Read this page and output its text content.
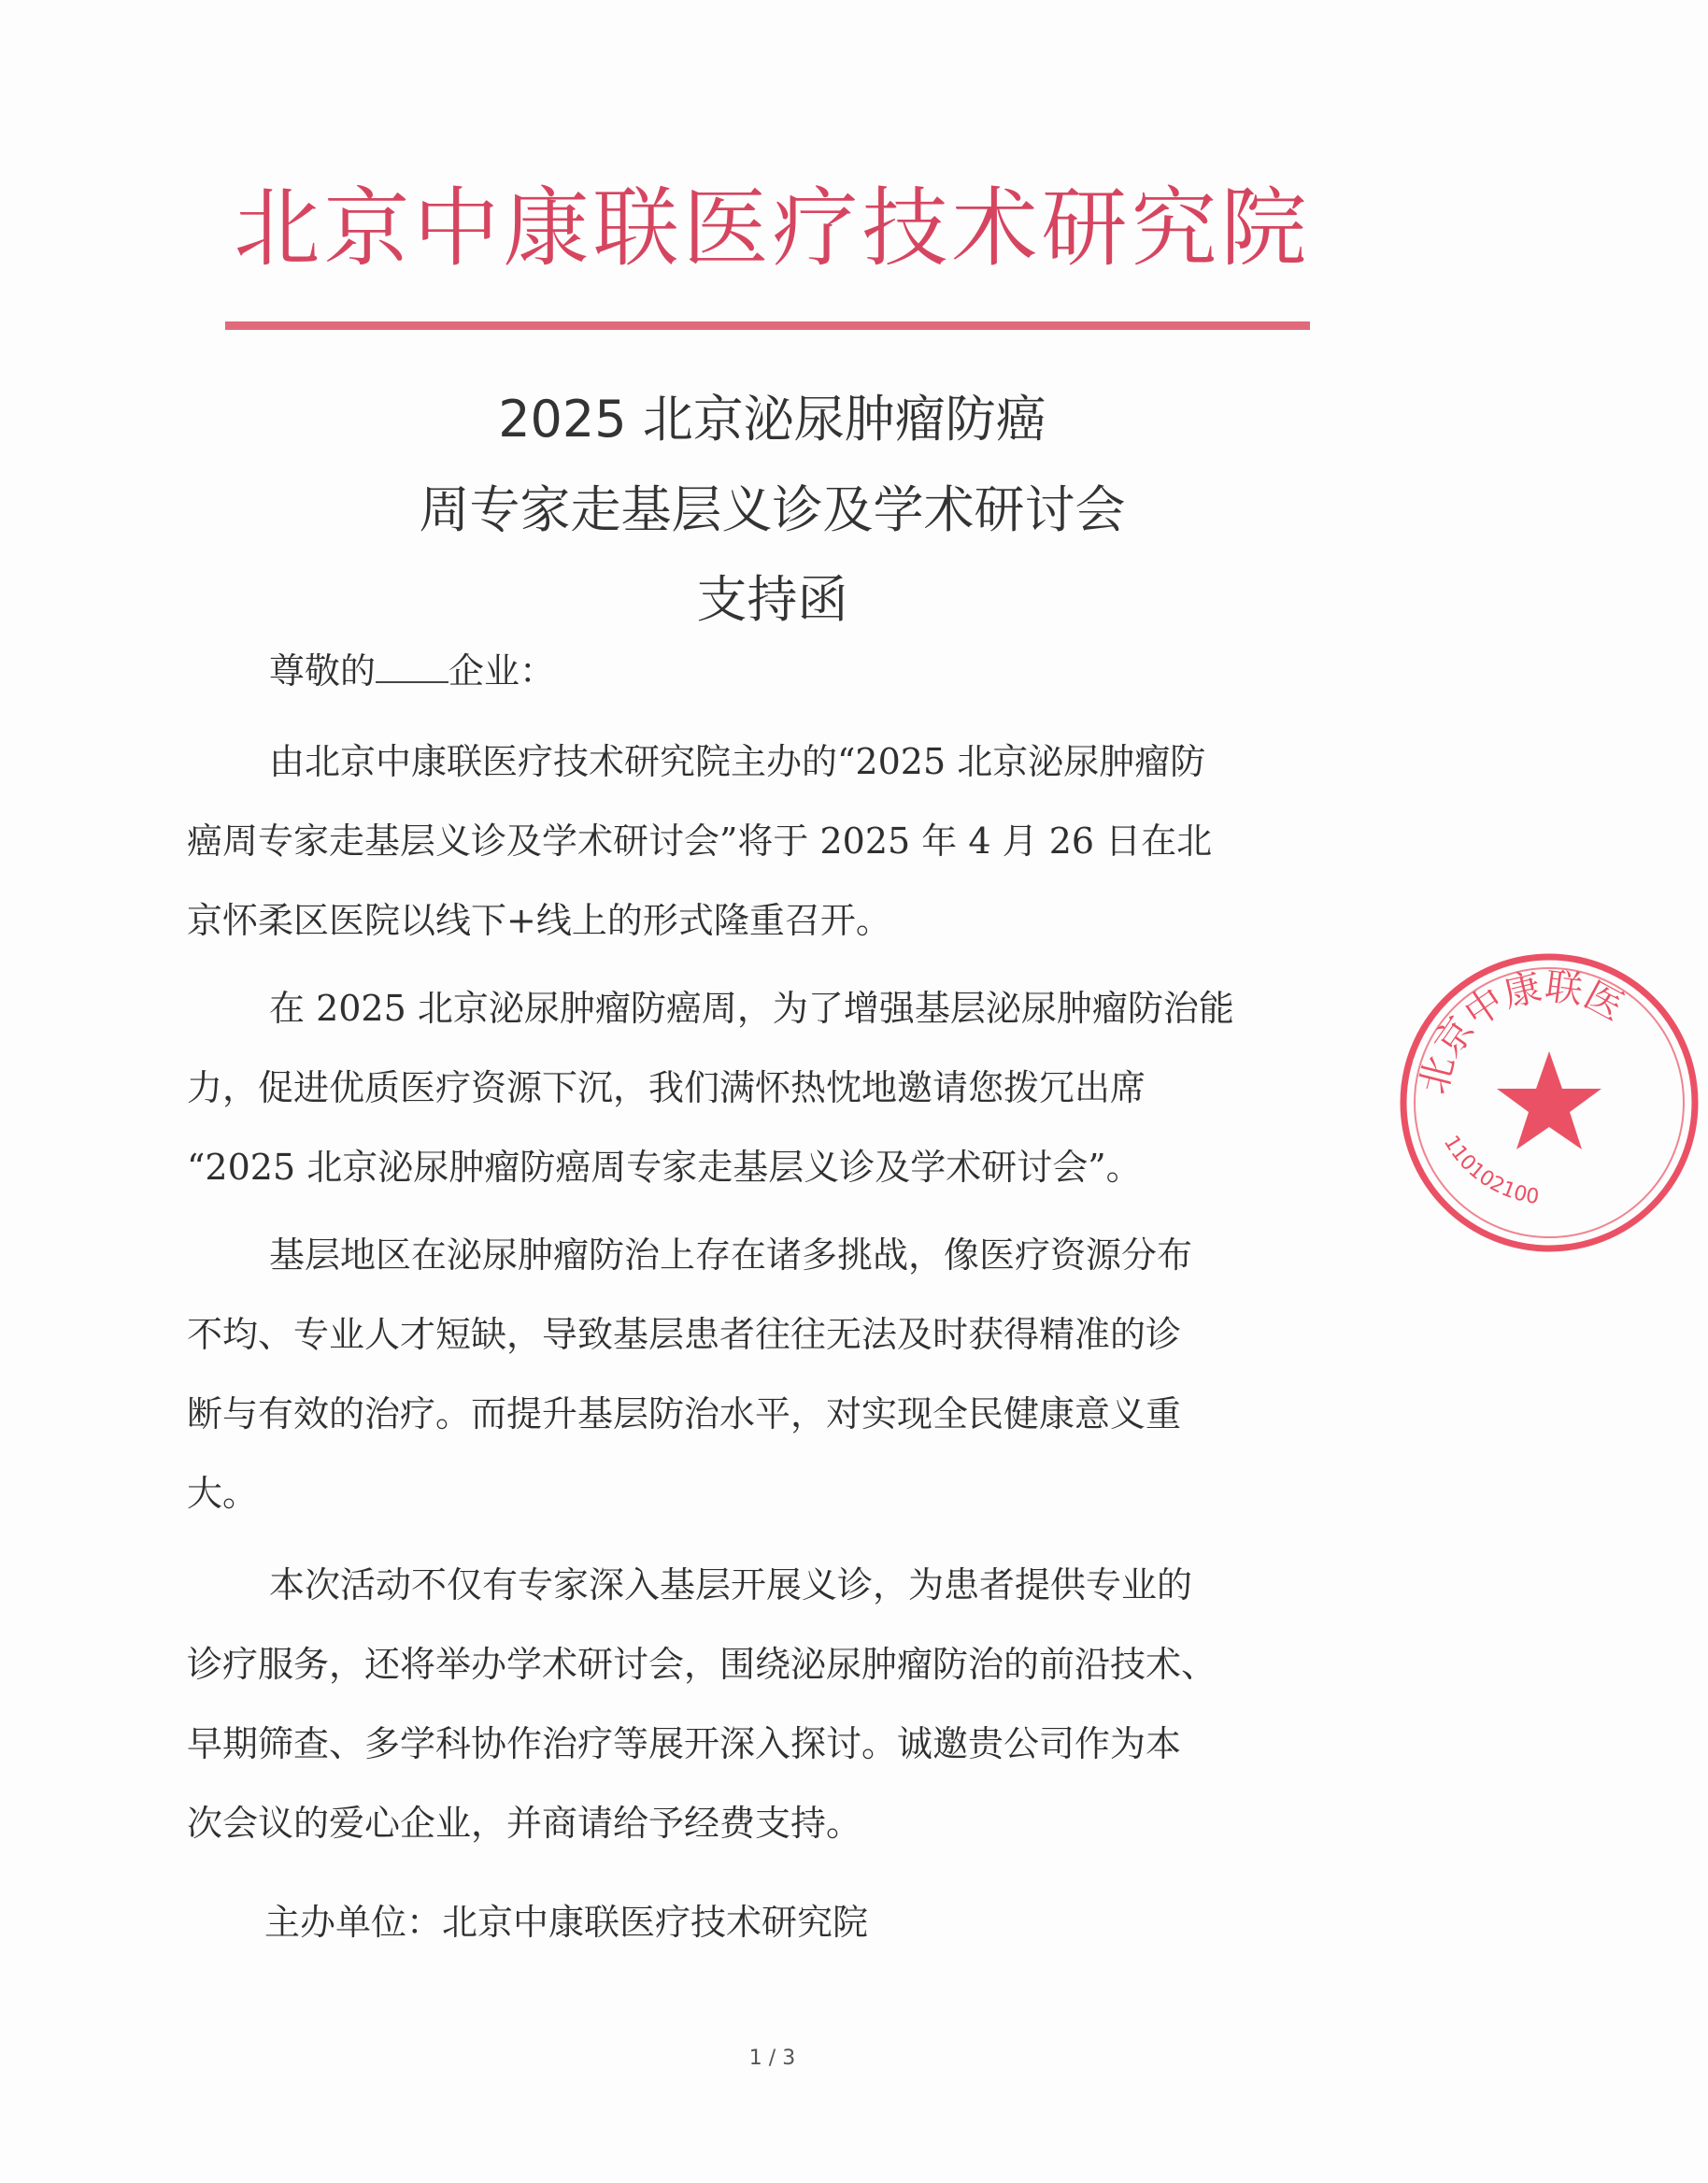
北京中康联医疗技术研究院
2025 北京泌尿肿瘤防癌
周专家走基层义诊及学术研讨会
支持函
尊敬的 企业：
由北京中康联医疗技术研究院主办的“2025 北京泌尿肿瘤防
癌周专家走基层义诊及学术研讨会”将于 2025 年 4 月 26 日在北
京怀柔区医院以线下+线上的形式隆重召开。
在 2025 北京泌尿肿瘤防癌周，为了增强基层泌尿肿瘤防治能
力，促进优质医疗资源下沉，我们满怀热忱地邀请您拨冗出席
“2025 北京泌尿肿瘤防癌周专家走基层义诊及学术研讨会”。
基层地区在泌尿肿瘤防治上存在诸多挑战，像医疗资源分布
不均、专业人才短缺，导致基层患者往往无法及时获得精准的诊
断与有效的治疗。而提升基层防治水平，对实现全民健康意义重
大。
本次活动不仅有专家深入基层开展义诊，为患者提供专业的
诊疗服务，还将举办学术研讨会，围绕泌尿肿瘤防治的前沿技术、
早期筛查、多学科协作治疗等展开深入探讨。诚邀贵公司作为本
次会议的爱心企业，并商请给予经费支持。
主办单位：北京中康联医疗技术研究院
1 / 3
北京中康联医
110102100
